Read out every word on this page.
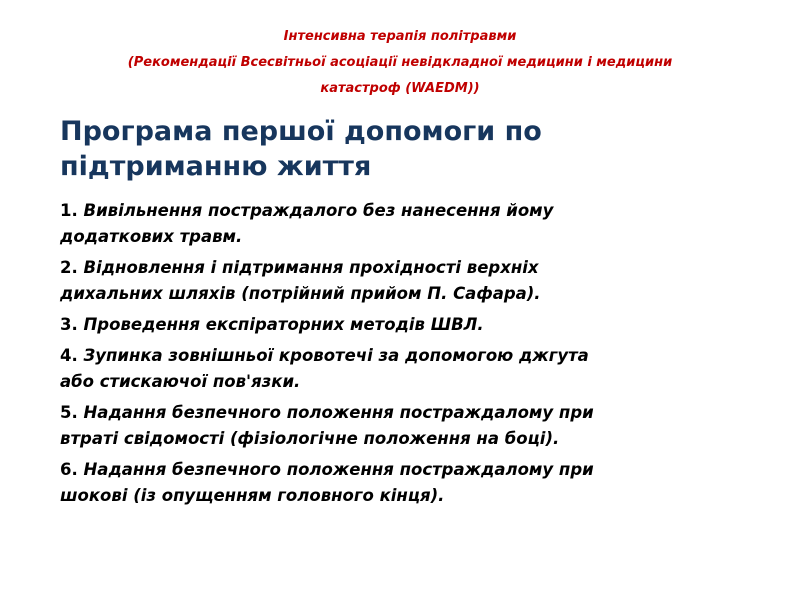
Інтенсивна терапія політравми
(Рекомендації Всесвітньої асоціації невідкладної медицини і медицини
катастроф (WAEDM))
Програма першої допомоги по
підтриманню життя
1. Вивільнення постраждалого без нанесення йому
додаткових травм.
2. Відновлення і підтримання прохідності верхніх
дихальних шляхів (потрійний прийом П. Сафара).
3. Проведення експіраторних методів ШВЛ.
4. Зупинка зовнішньої кровотечі за допомогою джгута
або стискаючої пов'язки.
5. Надання безпечного положення постраждалому при
втраті свідомості (фізіологічне положення на боці).
6. Надання безпечного положення постраждалому при
шокові (із опущенням головного кінця).
